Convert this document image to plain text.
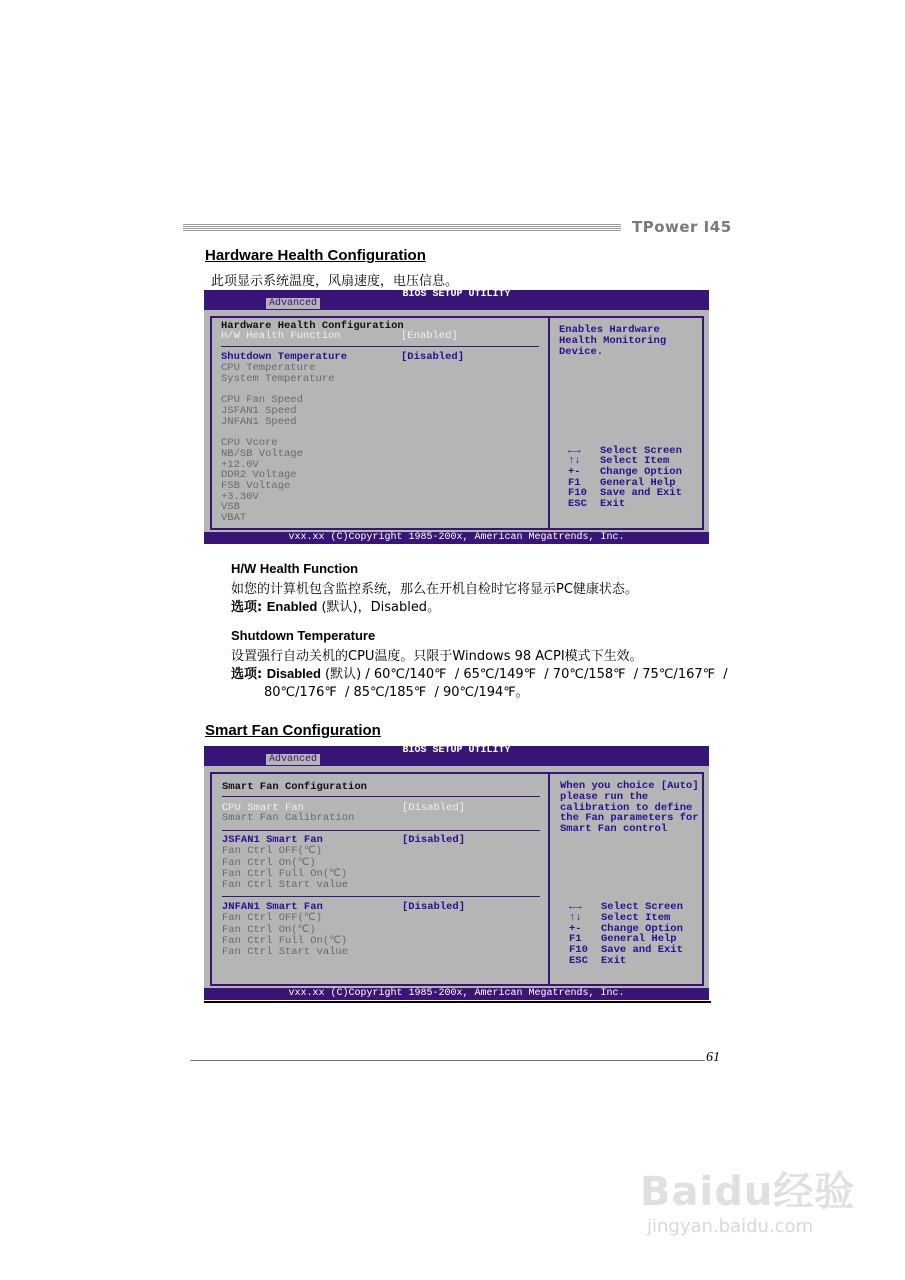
TPower I45
Hardware Health Configuration
此项显示系统温度，风扇速度，电压信息。
BIOS SETUP UTILITY
Advanced
Hardware Health Configuration
H/W Health Function	[Enabled]
Shutdown Temperature	[Disabled]
CPU Temperature
System Temperature
CPU Fan Speed
JSFAN1 Speed
JNFAN1 Speed
CPU Vcore
NB/SB Voltage
+12.0V
DDR2 Voltage
FSB Voltage
+3.30V
VSB
VBAT
Enables Hardware
Health Monitoring
Device.
←→ Select Screen
↑↓ Select Item
+- Change Option
F1 General Help
F10 Save and Exit
ESC Exit
vxx.xx (C)Copyright 1985-200x, American Megatrends, Inc.
H/W Health Function
如您的计算机包含监控系统，那么在开机自检时它将显示PC健康状态。
选项: Enabled (默认)，Disabled。
Shutdown Temperature
设置强行自动关机的CPU温度。只限于Windows 98 ACPI模式下生效。
选项: Disabled (默认) / 60℃/140℉  / 65℃/149℉  / 70℃/158℉  / 75℃/167℉  /
80℃/176℉  / 85℃/185℉  / 90℃/194℉。
Smart Fan Configuration
BIOS SETUP UTILITY
Advanced
Smart Fan Configuration
CPU Smart Fan	[Disabled]
Smart Fan Calibration
JSFAN1 Smart Fan	[Disabled]
Fan Ctrl OFF(℃)
Fan Ctrl On(℃)
Fan Ctrl Full On(℃)
Fan Ctrl Start value
JNFAN1 Smart Fan	[Disabled]
Fan Ctrl OFF(℃)
Fan Ctrl On(℃)
Fan Ctrl Full On(℃)
Fan Ctrl Start value
When you choice [Auto]
please run the
calibration to define
the Fan parameters for
Smart Fan control
←→ Select Screen
↑↓ Select Item
+- Change Option
F1 General Help
F10 Save and Exit
ESC Exit
vxx.xx (C)Copyright 1985-200x, American Megatrends, Inc.
61
Baidu经验
jingyan.baidu.com
